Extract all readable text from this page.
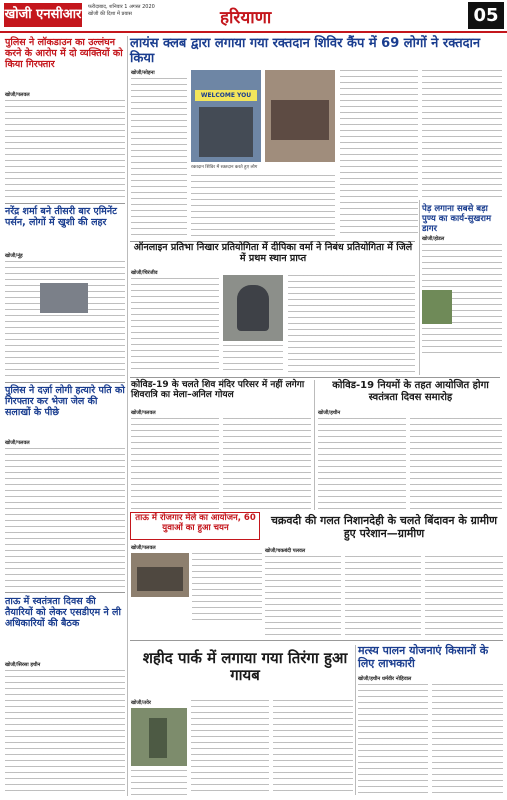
खोजी एनसीआर फरीदाबाद, शनिवार 1 अगस्त 2020
खोजी की दिशा में प्रयास	हरियाणा	05
पुलिस ने लॉकडाउन का उल्लंघन करने के आरोप में दो व्यक्तियों को किया गिरफ्तार
खोजी/पलवल
नरेंद्र शर्मा बने तीसरी बार एमिनेंट पर्सन, लोगों में खुशी की लहर
खोजी/नूंह
लायंस क्लब द्वारा लगाया गया रक्तदान शिविर कैंप में 69 लोगों ने रक्तदान किया
खोजी/सोहना
WELCOME YOU
रक्तदान शिविर में रक्तदान करते हुए लोग
ऑनलाइन प्रतिभा निखार प्रतियोगिता में दीपिका वर्मा ने निबंध प्रतियोगिता में जिले में प्रथम स्थान प्राप्त
खोजी/चिरंजीव
पेड़ लगाना सबसे बड़ा पुण्य का कार्य-सुखराम डागर
खोजी/होडल
कोविड-19 के चलते शिव मंदिर परिसर में नहीं लगेगा शिवरात्रि का मेला–अनिल गोयल
खोजी/पलवल
कोविड-19 नियमों के तहत आयोजित होगा स्वतंत्रता दिवस समारोह
खोजी/हथीन
पुलिस ने दर्ज़ा लोगी हत्यारे पति को गिरफ्तार कर भेजा जेल की सलाखों के पीछे
खोजी/पलवल
ताऊ में रोजगार मेले का आयोजन, 60 युवाओं का हुआ चयन
खोजी/पलवल
चक्रवदी की गलत निशानदेही के चलते बिंदावन के ग्रामीण हुए परेशान—ग्रामीण
खोजी/चकबंदी पलवल
ताऊ में स्वतंत्रता दिवस की तैयारियों को लेकर एसडीएम ने ली अधिकारियों की बैठक
खोजी/सिरसा हथीन	शहीद पार्क में लगाया गया तिरंगा हुआ गायब
खोजी/तवेर
मत्स्य पालन योजनाएं किसानों के लिए लाभकारी
खोजी/हथीन धर्मवीर नोहिवाल
